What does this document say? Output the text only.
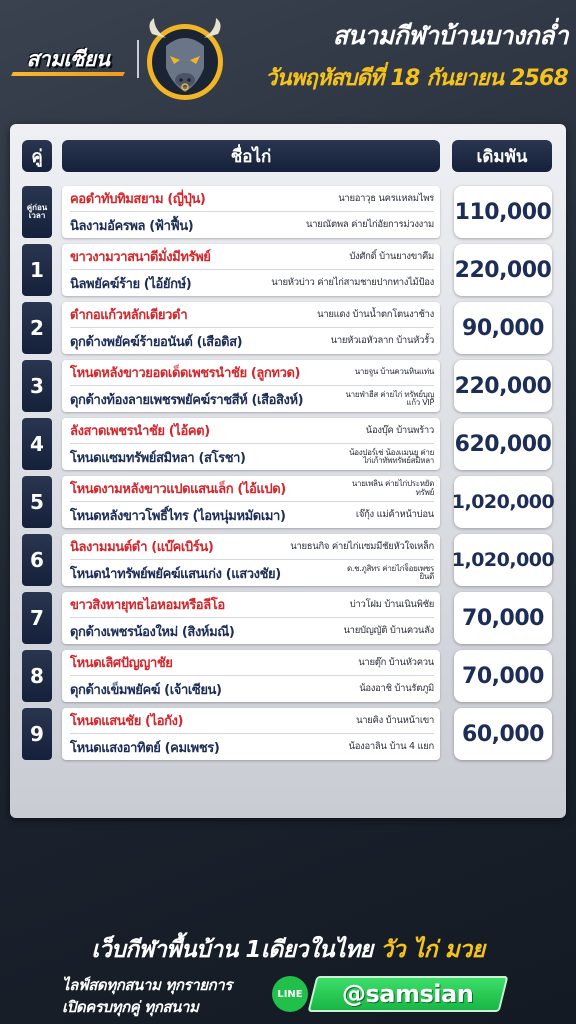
สามเซียน
สนามกีฬาบ้านบางกล่ำ
วันพฤหัสบดีที่ 18 กันยายน 2568
คู่	ชื่อไก่	เดิมพัน
คู่ก่อน เวลา
คอดำทับทิมสยาม (ญี่ปุ่น)	นายอาวุธ นครแหลมไพร
นิลงามอัครพล (ฟ้าฟื้น)	นายณัตพล ค่ายไก่อัยการม่วงงาม
110,000
1	ขาวงามวาสนาดีมั่งมีทรัพย์	บังศักดิ์ บ้านยางขาคีม
นิลพยัคฆ์ร้าย (ไอ้ยักษ์)	นายหัวบ่าว ค่ายไก่สามชายปากทางไม้ป้อง
220,000
2	ดำกอแก้วหลักเดียวดำ	นายแดง บ้านน้ำตกโตนงาช้าง
ดุกด้างพยัคฆ์ร้ายอนันต์ (เสือดิส)	นายหัวเอหัวลาก บ้านหัวรั้ว
90,000
3	โหนดหลังขาวยอดเด็ดเพชรนำชัย (ลูกทวด)	นายจูน บ้านควนหินแท่น
ดุกด้างท้องลายเพชรพยัคฆ์ราชสีห์ (เสือสิงห์)	นายฟ่าฮีส ค่ายไก่ ทรัพย์บุญแก้ว VIP
220,000
4	ลังสาดเพชรนำชัย (ไอ้คต)	น้องบุ๊ค บ้านพร้าว
โหนดแซมทรัพย์สมิหลา (สโรชา)	น้องปอร์เช่ น้องแมนยู ค่ายไก่เก้าทัพทรัพย์สมิหลา
620,000
5	โหนดงามหลังขาวแปดแสนเล็ก (ไอ้แปด)	นายเพลิน ค่ายไก่ประหยัดทรัพย์
โหนดหลังขาวโพธิ์ไทร (ไอหนุ่มหมัดเมา)	เจ๊กุ้ง แม่ค้าหน้าบ่อน
1,020,000
6	นิลงามมนต์ดำ (แบ๊คเบิร์น)	นายธนกิจ ค่ายไก่แซมมีชัยหัวใจเหล็ก
โหนดนำทรัพย์พยัคฆ์แสนเก่ง (แสวงชัย)	ด.ช.ภูสิทร ค่ายไก่จ็อยเพชรยินดี
1,020,000
7	ขาวสิงหายุทธไอหอมหรือลีโอ	บ่าวโฝม บ้านเนินพิชัย
ดุกด้างเพชรน้องใหม่ (สิงห์มณี)	นายบัญญัติ บ้านควนลัง
70,000
8	โหนดเลิศปัญญาชัย	นายตุ๊ก บ้านหัวควน
ดุกด้างเข็มพยัคฆ์ (เจ้าเซียน)	น้องอาชิ บ้านรัตภูมิ
70,000
9	โหนดแสนชัย (ไอกัง)	นายคิง บ้านหน้าเขา
โหนดแสงอาทิตย์ (คมเพชร)	น้องอาลิน บ้าน 4 แยก
60,000
เว็บกีฬาพื้นบ้าน 1เดียวในไทย วัว ไก่ มวย
ไลฟ์สดทุกสนาม ทุกรายการ
เปิดครบทุกคู่ ทุกสนาม
LINE @samsian
